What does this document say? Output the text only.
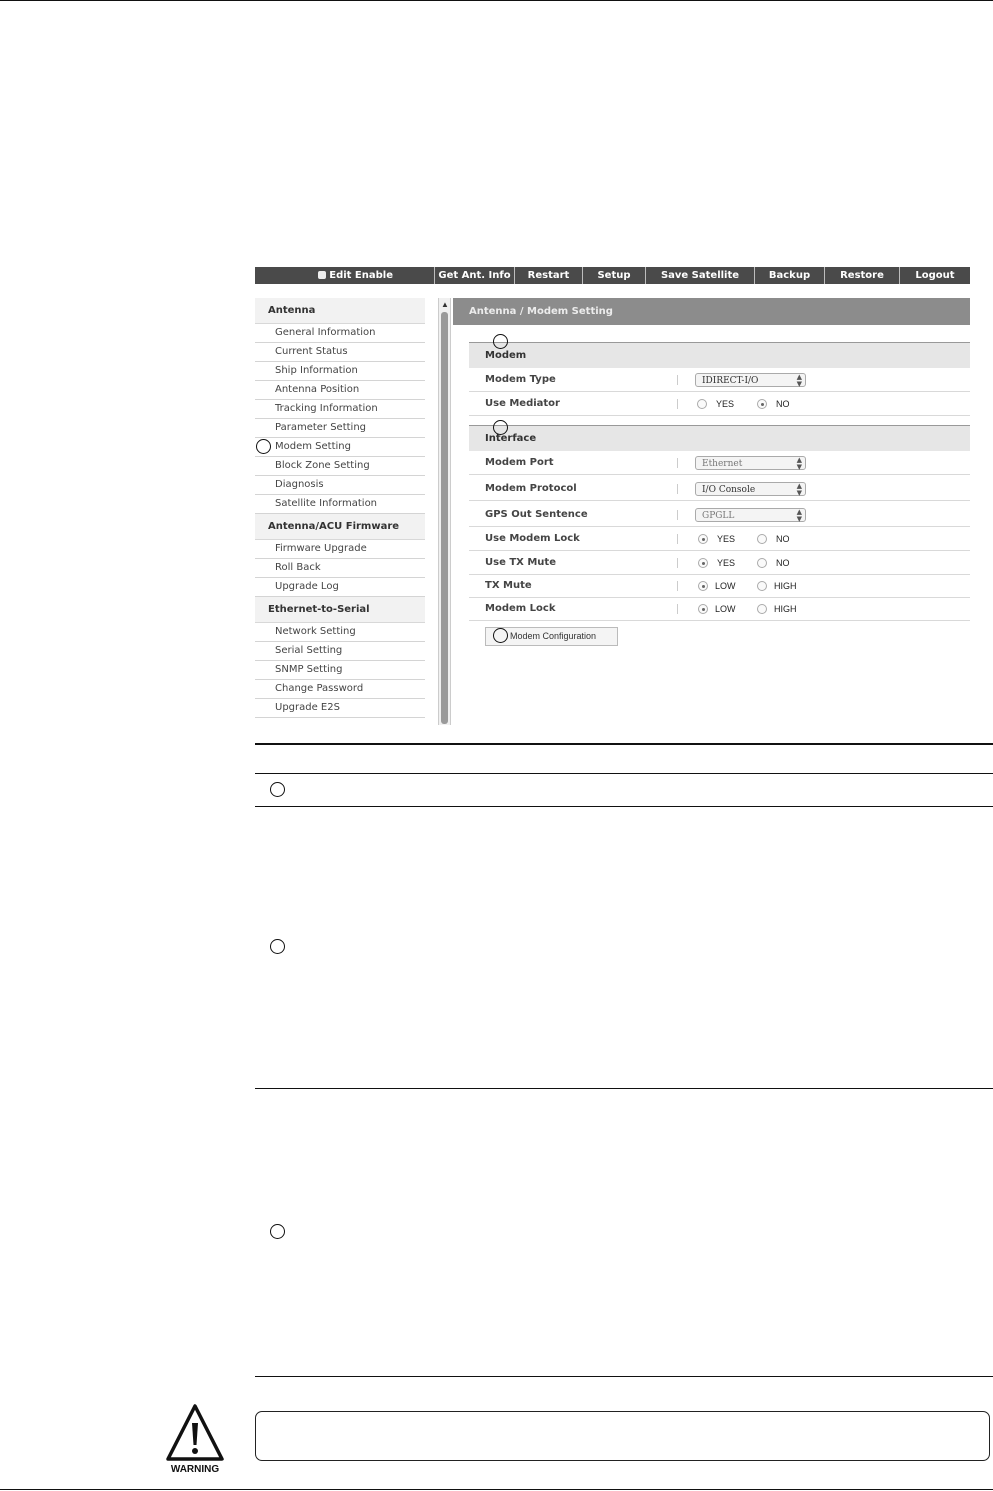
Edit Enable	Get Ant. Info	Restart	Setup	Save Satellite	Backup	Restore	Logout
Antenna
General Information
Current Status
Ship Information
Antenna Position
Tracking Information
Parameter Setting
Modem Setting
Block Zone Setting
Diagnosis
Satellite Information
Antenna/ACU Firmware
Firmware Upgrade
Roll Back
Upgrade Log
Ethernet-to-Serial
Network Setting
Serial Setting
SNMP Setting
Change Password
Upgrade E2S
▲
Antenna / Modem Setting
Modem
Modem Type	IDIRECT-I/O	▲
▼
Use Mediator	YES	NO
Interface
Modem Port	Ethernet	▲
▼
Modem Protocol	I/O Console	▲
▼
GPS Out Sentence	GPGLL	▲
▼
Use Modem Lock	YES	NO
Use TX Mute	YES	NO
TX Mute	LOW	HIGH
Modem Lock	LOW	HIGH
Modem Configuration
WARNING
